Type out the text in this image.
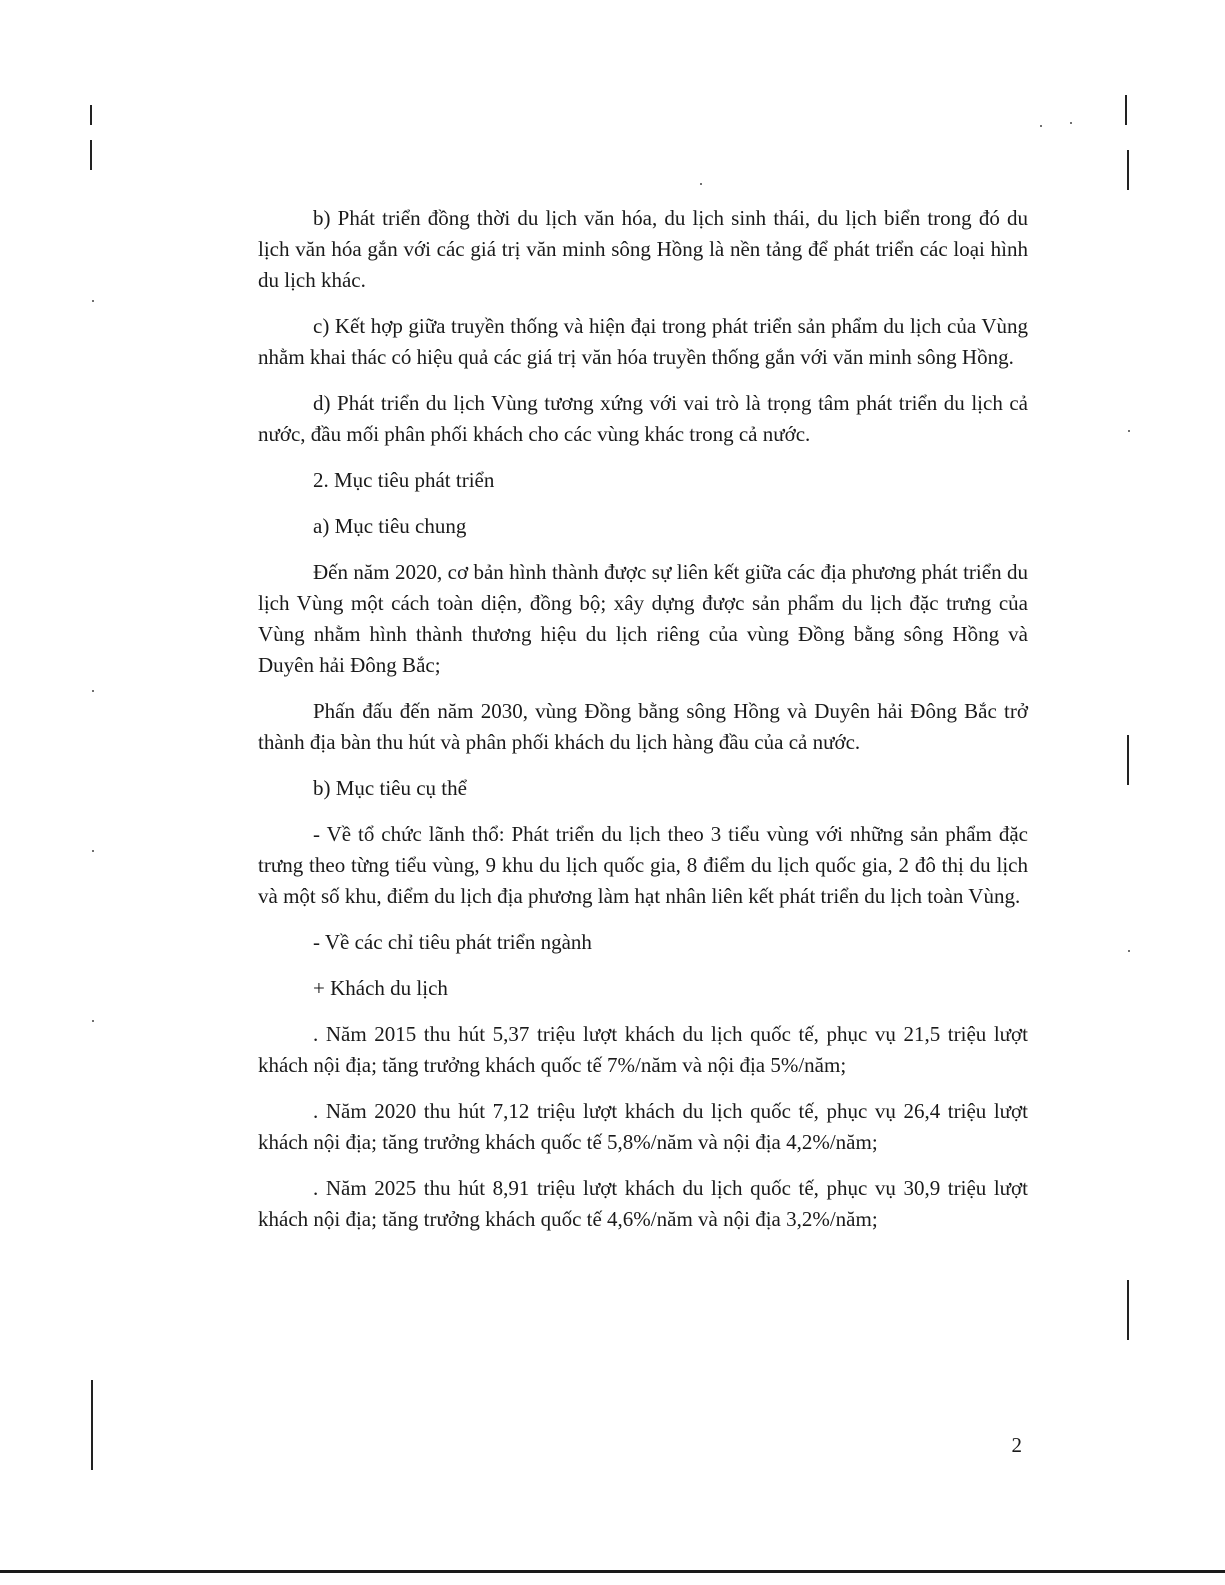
b) Phát triển đồng thời du lịch văn hóa, du lịch sinh thái, du lịch biển trong đó du lịch văn hóa gắn với các giá trị văn minh sông Hồng là nền tảng để phát triển các loại hình du lịch khác.

c) Kết hợp giữa truyền thống và hiện đại trong phát triển sản phẩm du lịch của Vùng nhằm khai thác có hiệu quả các giá trị văn hóa truyền thống gắn với văn minh sông Hồng.

d) Phát triển du lịch Vùng tương xứng với vai trò là trọng tâm phát triển du lịch cả nước, đầu mối phân phối khách cho các vùng khác trong cả nước.

2. Mục tiêu phát triển

a) Mục tiêu chung

Đến năm 2020, cơ bản hình thành được sự liên kết giữa các địa phương phát triển du lịch Vùng một cách toàn diện, đồng bộ; xây dựng được sản phẩm du lịch đặc trưng của Vùng nhằm hình thành thương hiệu du lịch riêng của vùng Đồng bằng sông Hồng và Duyên hải Đông Bắc;

Phấn đấu đến năm 2030, vùng Đồng bằng sông Hồng và Duyên hải Đông Bắc trở thành địa bàn thu hút và phân phối khách du lịch hàng đầu của cả nước.

b) Mục tiêu cụ thể

- Về tổ chức lãnh thổ: Phát triển du lịch theo 3 tiểu vùng với những sản phẩm đặc trưng theo từng tiểu vùng, 9 khu du lịch quốc gia, 8 điểm du lịch quốc gia, 2 đô thị du lịch và một số khu, điểm du lịch địa phương làm hạt nhân liên kết phát triển du lịch toàn Vùng.

- Về các chỉ tiêu phát triển ngành

+ Khách du lịch

. Năm 2015 thu hút 5,37 triệu lượt khách du lịch quốc tế, phục vụ 21,5 triệu lượt khách nội địa; tăng trưởng khách quốc tế 7%/năm và nội địa 5%/năm;

. Năm 2020 thu hút 7,12 triệu lượt khách du lịch quốc tế, phục vụ 26,4 triệu lượt khách nội địa; tăng trưởng khách quốc tế 5,8%/năm và nội địa 4,2%/năm;

. Năm 2025 thu hút 8,91 triệu lượt khách du lịch quốc tế, phục vụ 30,9 triệu lượt khách nội địa; tăng trưởng khách quốc tế 4,6%/năm và nội địa 3,2%/năm;

2
